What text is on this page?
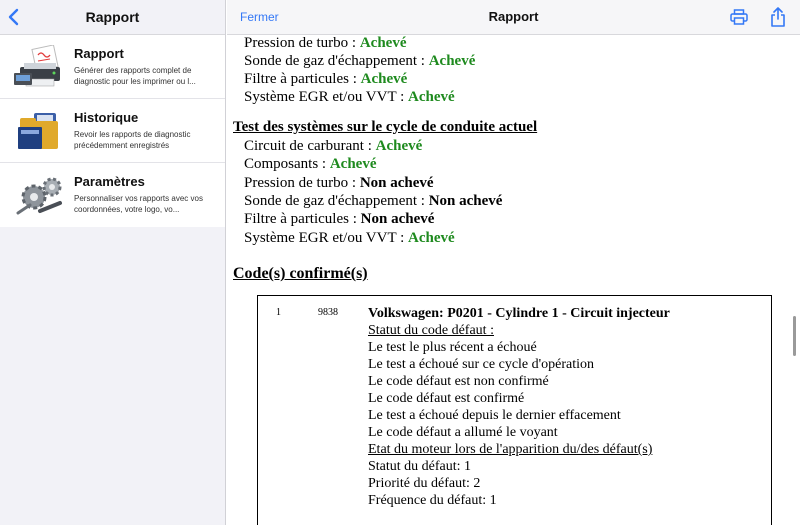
Rapport
Rapport
Générer des rapports complet de diagnostic pour les imprimer ou l...
Historique
Revoir les rapports de diagnostic précédemment enregistrés
Paramètres
Personnaliser vos rapports avec vos coordonnées, votre logo, vo...
Fermer	Rapport
Pression de turbo : Achevé
Sonde de gaz d'échappement : Achevé
Filtre à particules : Achevé
Système EGR et/ou VVT : Achevé
Test des systèmes sur le cycle de conduite actuel
Circuit de carburant : Achevé
Composants : Achevé
Pression de turbo : Non achevé
Sonde de gaz d'échappement : Non achevé
Filtre à particules : Non achevé
Système EGR et/ou VVT : Achevé
Code(s) confirmé(s)
1	9838 Volkswagen: P0201 - Cylindre 1 - Circuit injecteur
Statut du code défaut :
Le test le plus récent a échoué
Le test a échoué sur ce cycle d'opération
Le code défaut est non confirmé
Le code défaut est confirmé
Le test a échoué depuis le dernier effacement
Le code défaut a allumé le voyant
Etat du moteur lors de l'apparition du/des défaut(s)
Statut du défaut: 1
Priorité du défaut: 2
Fréquence du défaut: 1
